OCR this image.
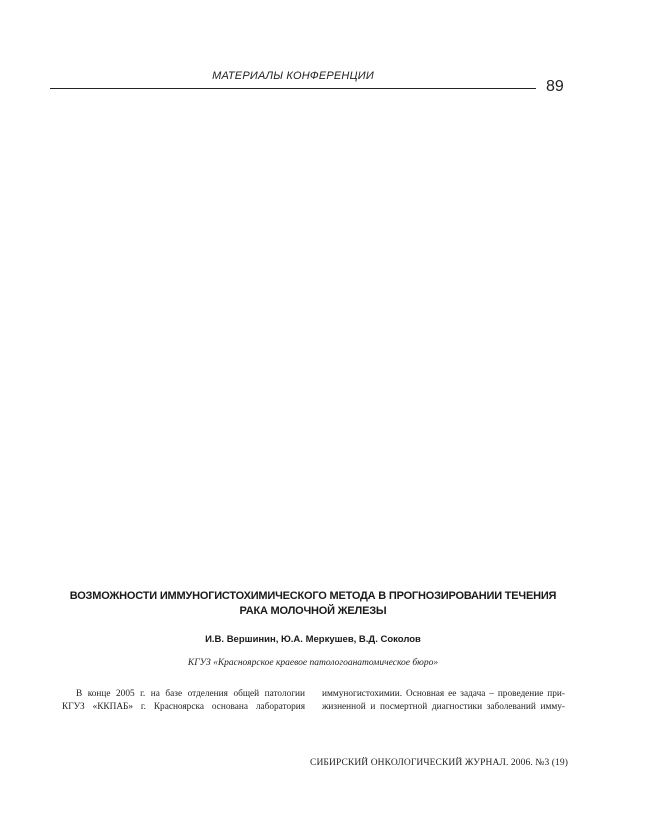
МАТЕРИАЛЫ КОНФЕРЕНЦИИ
89
ВОЗМОЖНОСТИ ИММУНОГИСТОХИМИЧЕСКОГО МЕТОДА В ПРОГНОЗИРОВАНИИ ТЕЧЕНИЯ
РАКА МОЛОЧНОЙ ЖЕЛЕЗЫ
И.В. Вершинин, Ю.А. Меркушев, В.Д. Соколов
КГУЗ «Красноярское краевое патологоанатомическое бюро»
В конце 2005 г. на базе отделения общей патологии
КГУЗ «ККПАБ» г. Красноярска основана лаборатория
иммуногистохимии. Основная ее задача – проведение при-
жизненной и посмертной диагностики заболеваний имму-
СИБИРСКИЙ ОНКОЛОГИЧЕСКИЙ ЖУРНАЛ. 2006. №3 (19)
